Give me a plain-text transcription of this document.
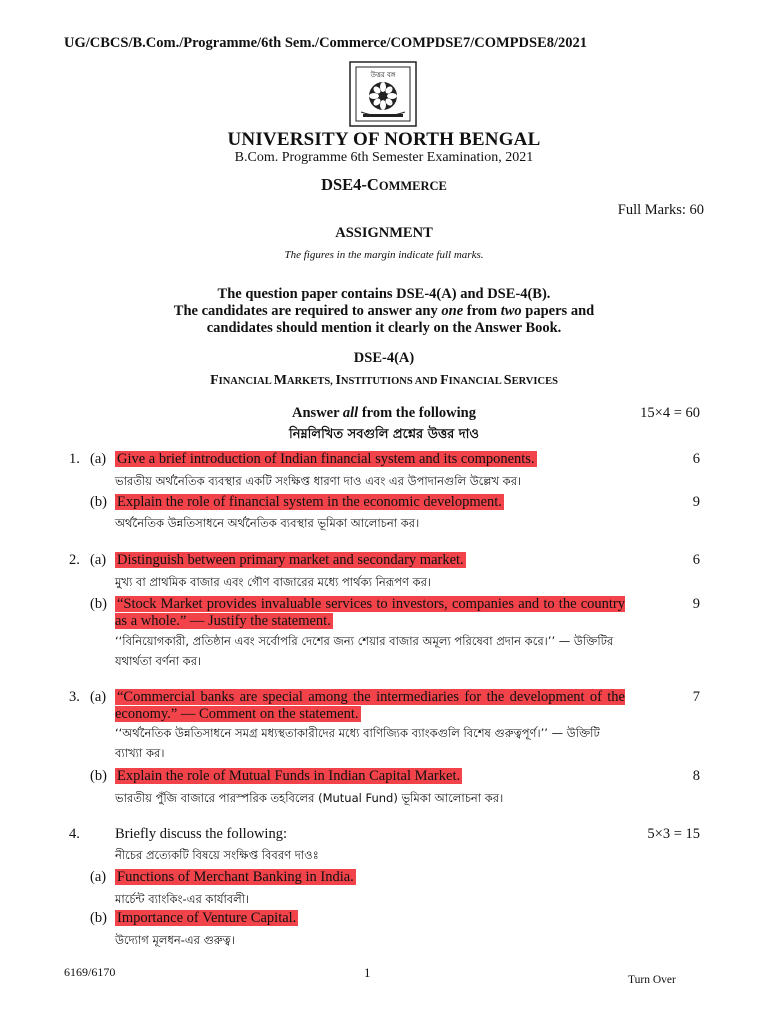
UG/CBCS/B.Com./Programme/6th Sem./Commerce/COMPDSE7/COMPDSE8/2021
উত্তর বঙ্গ
UNIVERSITY OF NORTH BENGAL
B.Com. Programme 6th Semester Examination, 2021
DSE4-COMMERCE
Full Marks: 60
ASSIGNMENT
The figures in the margin indicate full marks.
The question paper contains DSE-4(A) and DSE-4(B).
The candidates are required to answer any one from two papers and
candidates should mention it clearly on the Answer Book.
DSE-4(A)
FINANCIAL MARKETS, INSTITUTIONS AND FINANCIAL SERVICES
Answer all from the following
নিম্নলিখিত সবগুলি প্রশ্নের উত্তর দাও
15×4 = 60
1. (a) Give a brief introduction of Indian financial system and its components.	6
ভারতীয় অর্থনৈতিক ব্যবস্থার একটি সংক্ষিপ্ত ধারণা দাও এবং এর উপাদানগুলি উল্লেখ কর।
(b) Explain the role of financial system in the economic development.	9
অর্থনৈতিক উন্নতিসাধনে অর্থনৈতিক ব্যবস্থার ভূমিকা আলোচনা কর।
2. (a) Distinguish between primary market and secondary market.	6
মুখ্য বা প্রাথমিক বাজার এবং গৌণ বাজারের মধ্যে পার্থক্য নিরূপণ কর।
(b) “Stock Market provides invaluable services to investors, companies and to the country as a whole.” — Justify the statement.
9
‘‘বিনিয়োগকারী, প্রতিষ্ঠান এবং সর্বোপরি দেশের জন্য শেয়ার বাজার অমূল্য পরিষেবা প্রদান করে।’’ — উক্তিটির যথার্থতা বর্ণনা কর।
3. (a) “Commercial banks are special among the intermediaries for the development of the economy.” — Comment on the statement.
7
‘‘অর্থনৈতিক উন্নতিসাধনে সমগ্র মধ্যস্থতাকারীদের মধ্যে বাণিজ্যিক ব্যাংকগুলি বিশেষ গুরুত্বপূর্ণ।’’ — উক্তিটি ব্যাখ্যা কর।
(b) Explain the role of Mutual Funds in Indian Capital Market.	8
ভারতীয় পুঁজি বাজারে পারস্পরিক তহবিলের (Mutual Fund) ভূমিকা আলোচনা কর।
4. Briefly discuss the following:	5×3 = 15
নীচের প্রত্যেকটি বিষয়ে সংক্ষিপ্ত বিবরণ দাওঃ
(a) Functions of Merchant Banking in India.
মার্চেন্ট ব্যাংকিং-এর কার্যাবলী।
(b) Importance of Venture Capital.
উদ্যোগ মূলধন-এর গুরুত্ব।
6169/6170	1	Turn Over
